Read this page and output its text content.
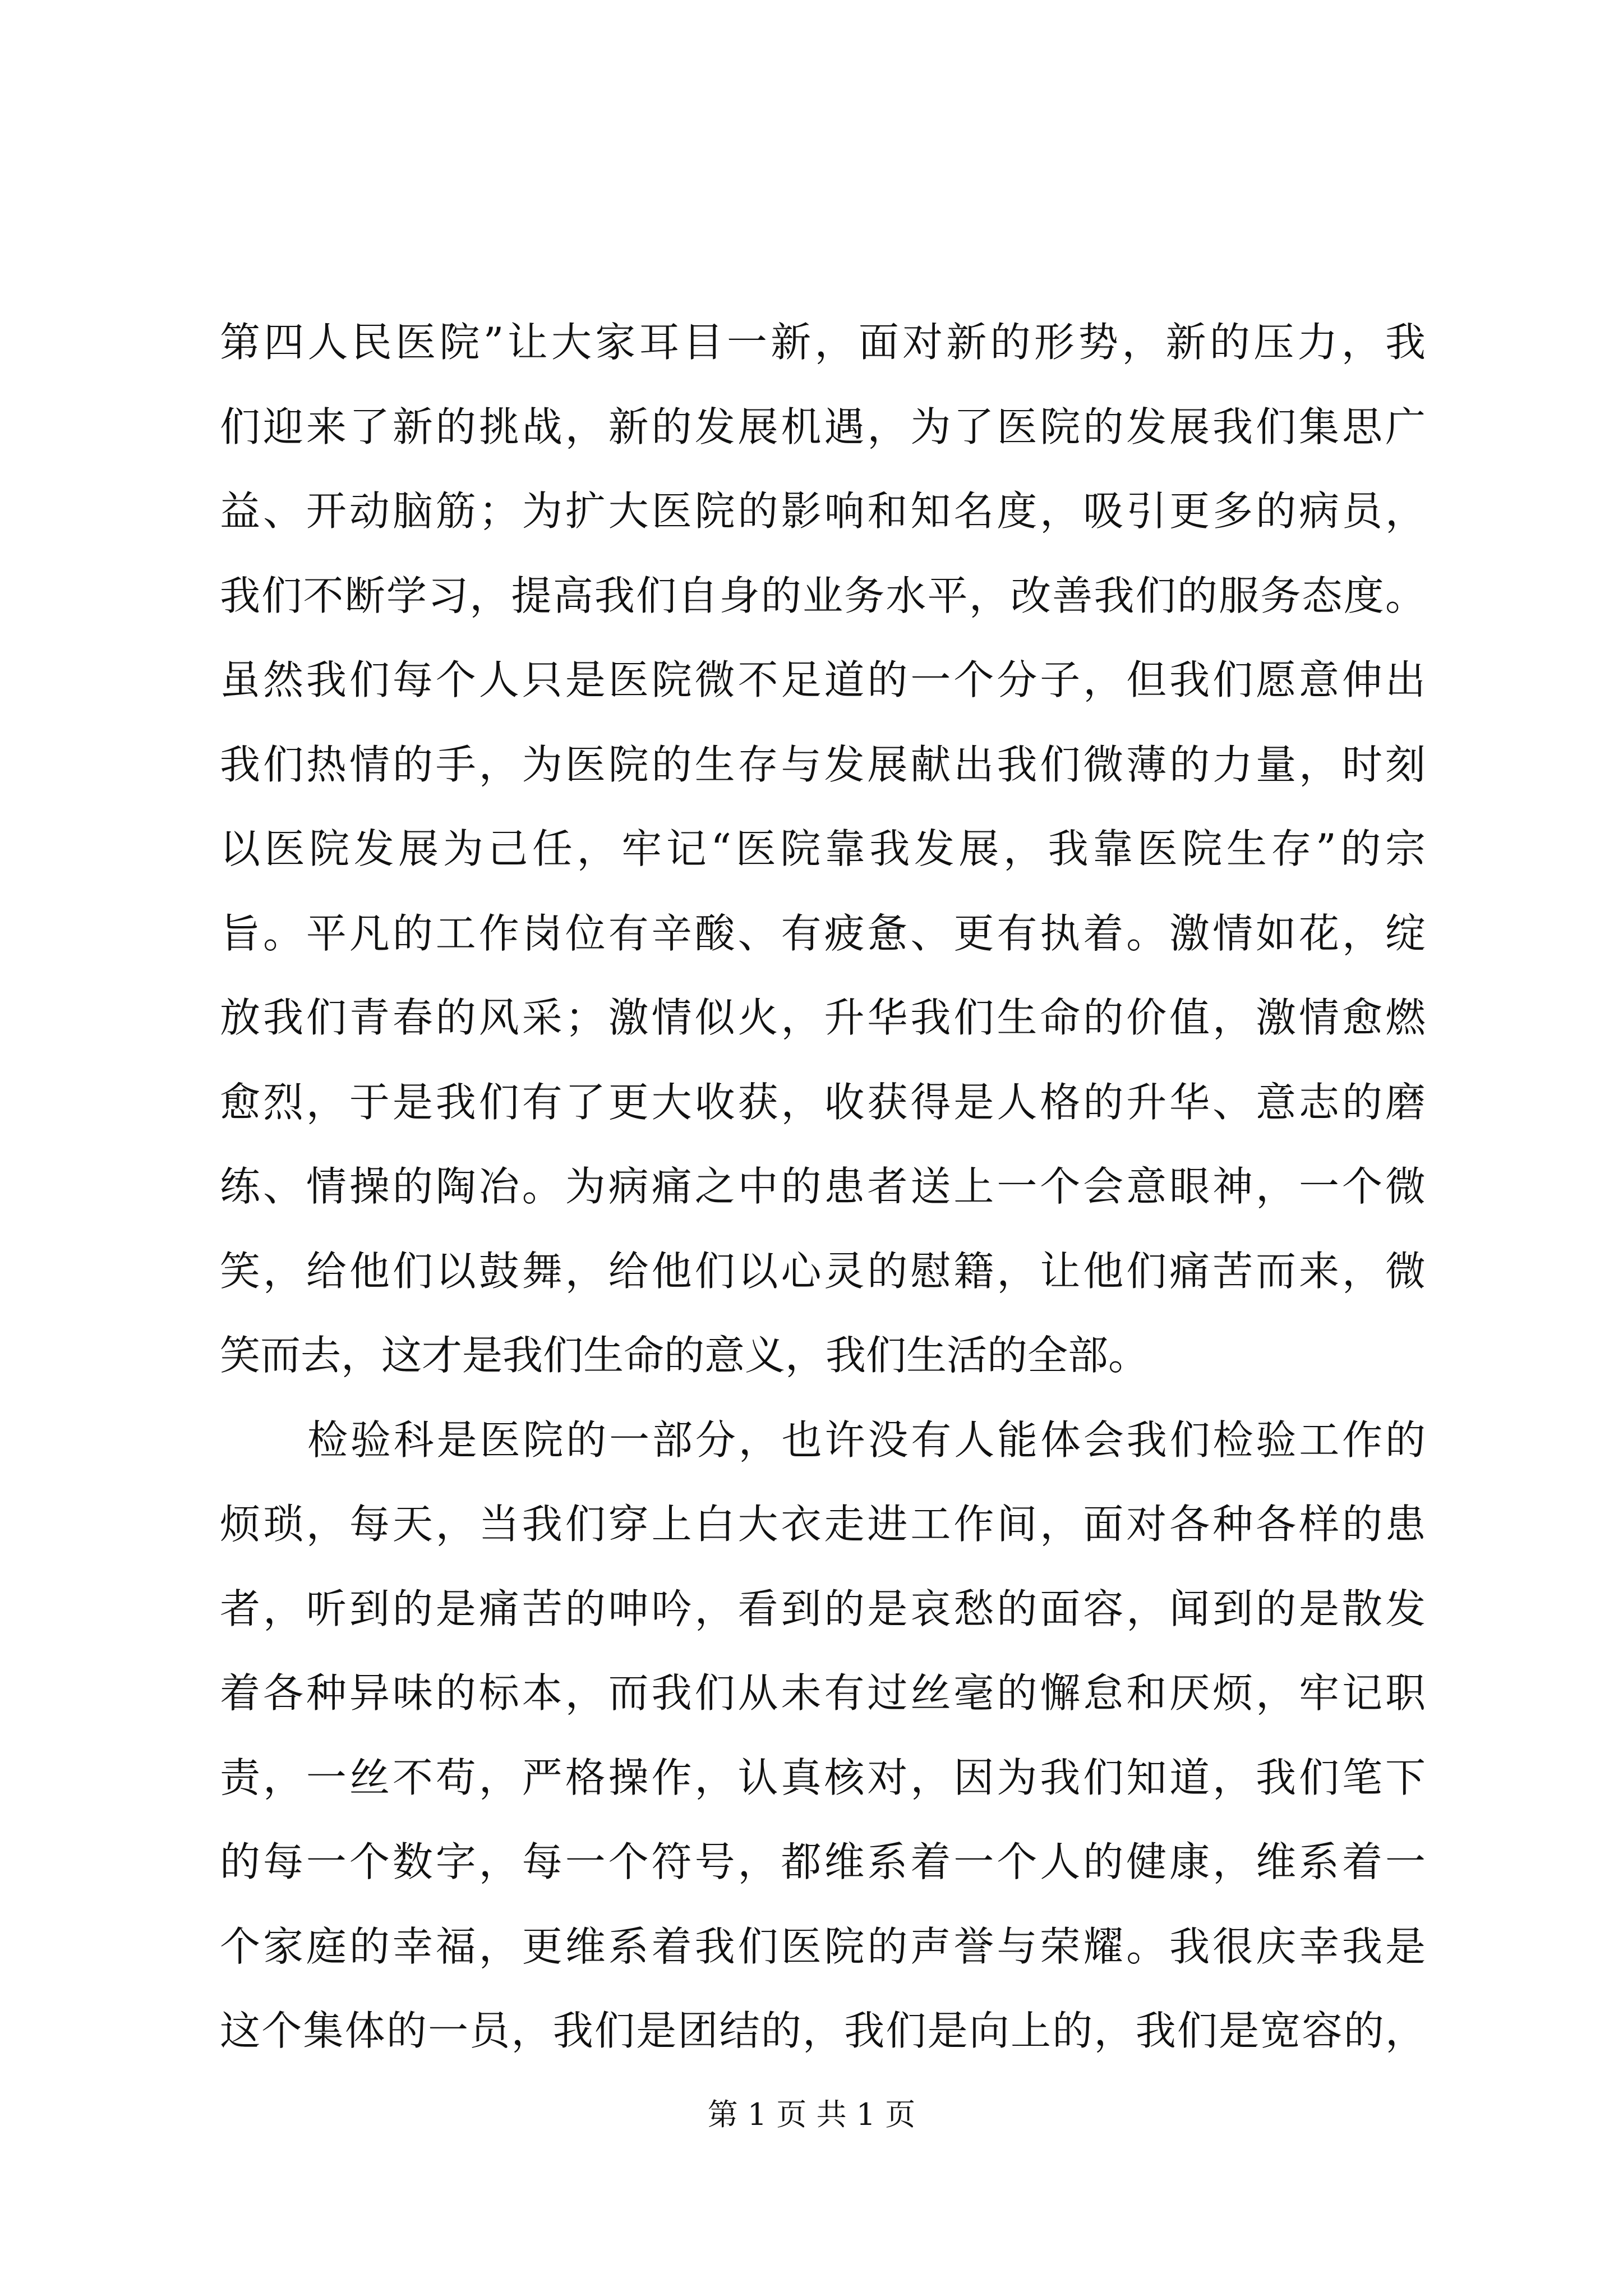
第四人民医院”让大家耳目一新，面对新的形势，新的压力，我
们迎来了新的挑战，新的发展机遇，为了医院的发展我们集思广
益、开动脑筋；为扩大医院的影响和知名度，吸引更多的病员，
我们不断学习，提高我们自身的业务水平，改善我们的服务态度。
虽然我们每个人只是医院微不足道的一个分子，但我们愿意伸出
我们热情的手，为医院的生存与发展献出我们微薄的力量，时刻
以医院发展为己任，牢记“医院靠我发展，我靠医院生存”的宗
旨。平凡的工作岗位有辛酸、有疲惫、更有执着。激情如花，绽
放我们青春的风采；激情似火，升华我们生命的价值，激情愈燃
愈烈，于是我们有了更大收获，收获得是人格的升华、意志的磨
练、情操的陶冶。为病痛之中的患者送上一个会意眼神，一个微
笑，给他们以鼓舞，给他们以心灵的慰籍，让他们痛苦而来，微
笑而去，这才是我们生命的意义，我们生活的全部。
检验科是医院的一部分，也许没有人能体会我们检验工作的
烦琐，每天，当我们穿上白大衣走进工作间，面对各种各样的患
者，听到的是痛苦的呻吟，看到的是哀愁的面容，闻到的是散发
着各种异味的标本，而我们从未有过丝毫的懈怠和厌烦，牢记职
责，一丝不苟，严格操作，认真核对，因为我们知道，我们笔下
的每一个数字，每一个符号，都维系着一个人的健康，维系着一
个家庭的幸福，更维系着我们医院的声誉与荣耀。我很庆幸我是
这个集体的一员，我们是团结的，我们是向上的，我们是宽容的，
第 1 页 共 1 页
